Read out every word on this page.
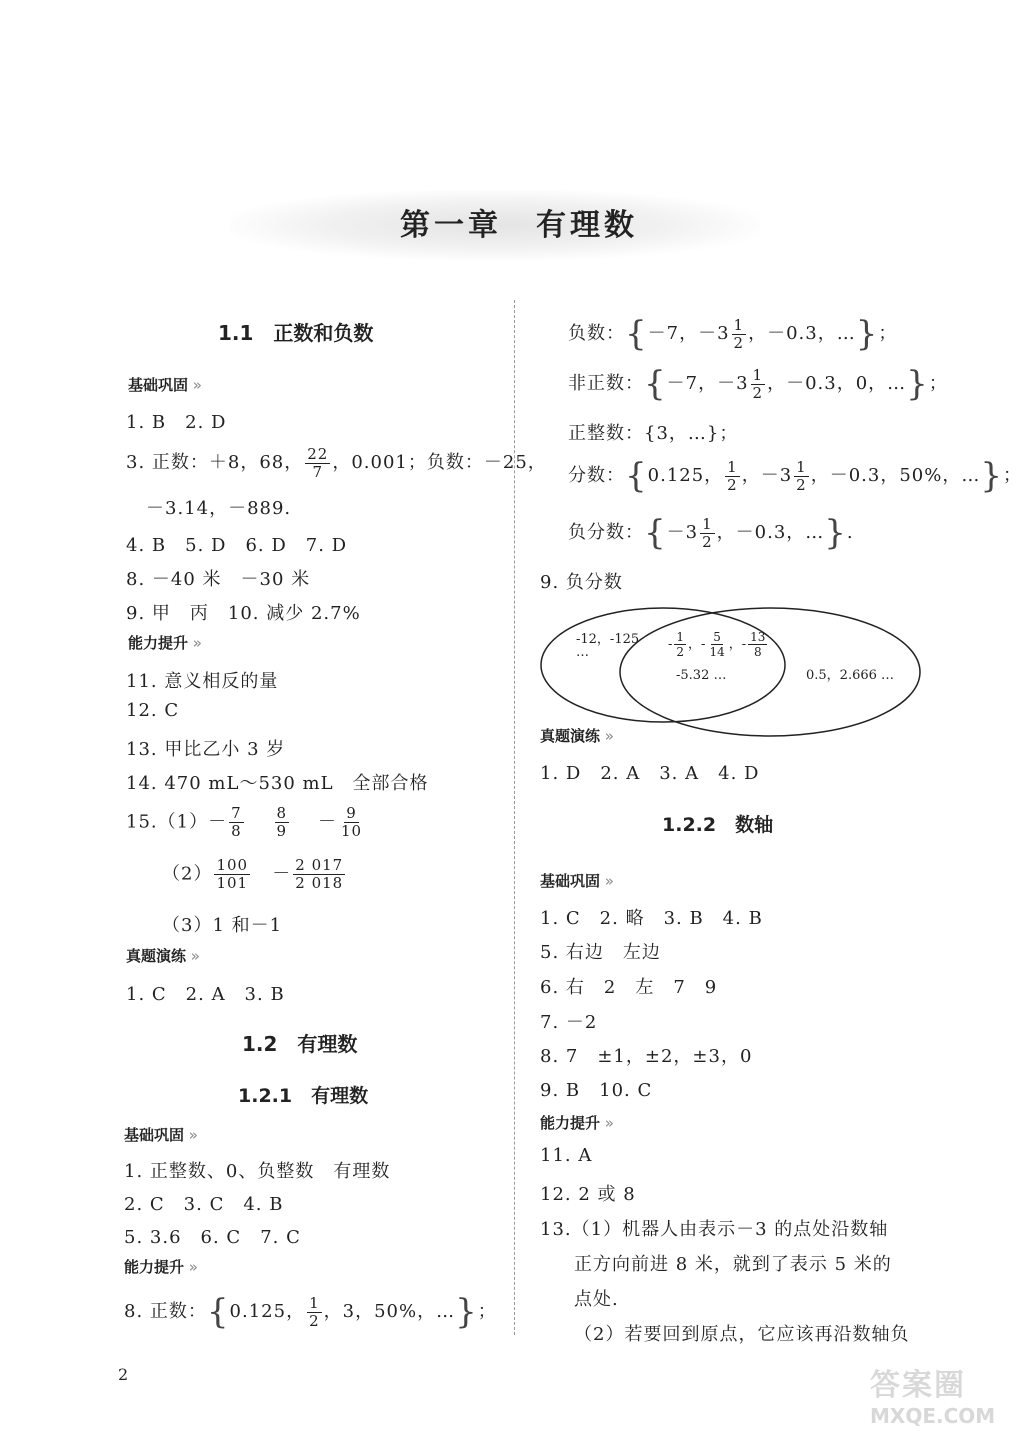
第一章　有理数
1.1　正数和负数
基础巩固 »
1. B　2. D
3. 正数：＋8，68， $\frac{22}{7}$ ，0.001；负数：－25，
－3.14，－889.
4. B　5. D　6. D　7. D
8. －40 米　－30 米
9. 甲　丙　10. 减少 2.7%
能力提升 »
11. 意义相反的量
12. C
13. 甲比乙小 3 岁
14. 470 mL～530 mL　全部合格
$15.(1)- \frac{7}{8}$
$\frac{8}{9} - \frac{9}{10}$
$(2) \frac{100}{101} - \frac{2 017}{2 018}$
（3）1 和－1
真题演练 »
1. C　2. A　3. B
1.2　有理数
1.2.1　有理数
基础巩固 »
1. 正整数、0、负整数　有理数
2. C　3. C　4. B
5. 3.6　6. C　7. C
能力提升 »
8. 正数：{0.125， $\frac{1}{2}$ ，3，50%，…}；
负数：{－7，$-3 \frac{1}{2}$ ，－0.3，…}；
非正数：{－7，$-3 \frac{1}{2}$ ，－0.3，0，…}；
正整数：{3，…}；
分数：{0.125， $\frac{1}{2}$ ，$-3 \frac{1}{2}$ ，－0.3，50%，…}；
负分数：{$-3 \frac{1}{2}$ ，－0.3，…}.
9. 负分数
-12，-125
…
- $\frac{1}{2}$ ，- $\frac{5}{14}$ ，- $\frac{13}{8}$
-5.32 …	0.5，2.666 …
真题演练 »
1. D　2. A　3. A　4. D
1.2.2　数轴
基础巩固 »
1. C　2. 略　3. B　4. B
5. 右边　左边
6. 右　2　左　7　9
7. －2
8. 7　±1，±2，±3，0
9. B　10. C
能力提升 »
11. A
12. 2 或 8
13.（1）机器人由表示－3 的点处沿数轴
正方向前进 8 米，就到了表示 5 米的
点处.
（2）若要回到原点，它应该再沿数轴负
2	答案圈
MXQE.COM
